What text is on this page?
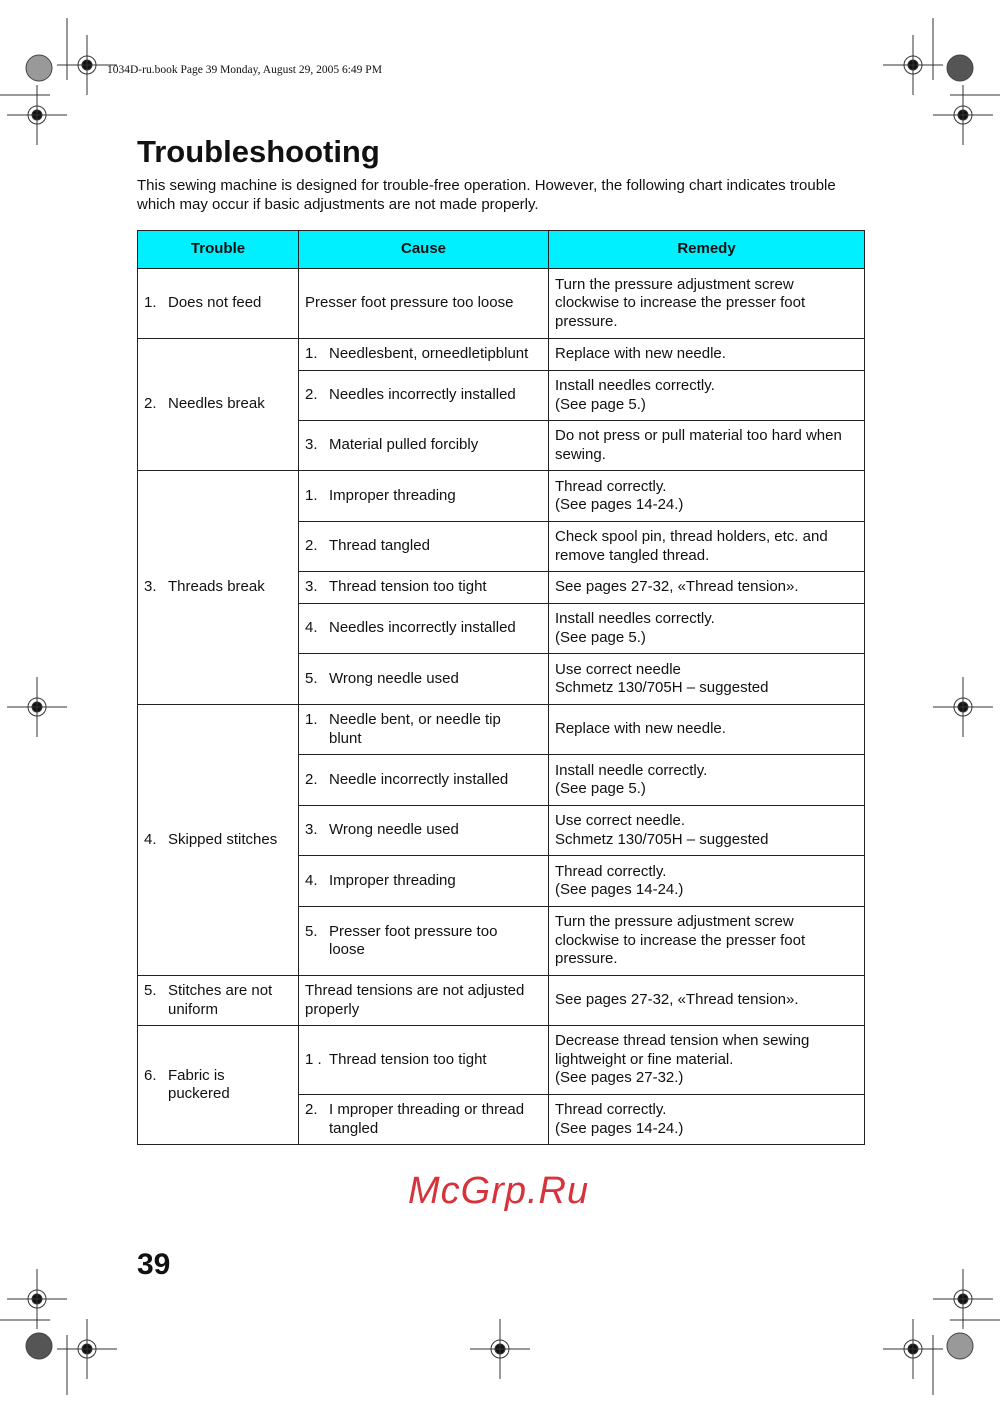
1034D-ru.book Page 39 Monday, August 29, 2005 6:49 PM
Troubleshooting

This sewing machine is designed for trouble-free operation. However, the following chart indicates trouble which may occur if basic adjustments are not made properly.

Trouble	Cause	Remedy

1. Does not feed	Presser foot pressure too loose	Turn the pressure adjustment screw
clockwise to increase the presser foot
pressure.

2. Needles break	1. Needlesbent, orneedletipblunt	Replace with new needle.

	2. Needles incorrectly installed	Install needles correctly.
(See page 5.)

	3. Material pulled forcibly	Do not press or pull material too hard when
sewing.

3. Threads break	1. Improper threading	Thread correctly.
(See pages 14-24.)

	2. Thread tangled	Check spool pin, thread holders, etc. and
remove tangled thread.

	3. Thread tension too tight	See pages 27-32, «Thread tension».

	4. Needles incorrectly installed	Install needles correctly.
(See page 5.)

	5. Wrong needle used	Use correct needle
Schmetz 130/705H – suggested

4. Skipped stitches	1. Needle bent, or needle tip
blunt	Replace with new needle.

	2. Needle incorrectly installed	Install needle correctly.
(See page 5.)

	3. Wrong needle used	Use correct needle.
Schmetz 130/705H – suggested

	4. Improper threading	Thread correctly.
(See pages 14-24.)

	5. Presser foot pressure too
loose	Turn the pressure adjustment screw
clockwise to increase the presser foot
pressure.

5. Stitches are not
uniform	Thread tensions are not adjusted
properly	See pages 27-32, «Thread tension».

6. Fabric is
puckered	1 . Thread tension too tight	Decrease thread tension when sewing
lightweight or fine material.
(See pages 27-32.)

	2. I mproper threading or thread
tangled	Thread correctly.
(See pages 14-24.)
McGrp.Ru
39
